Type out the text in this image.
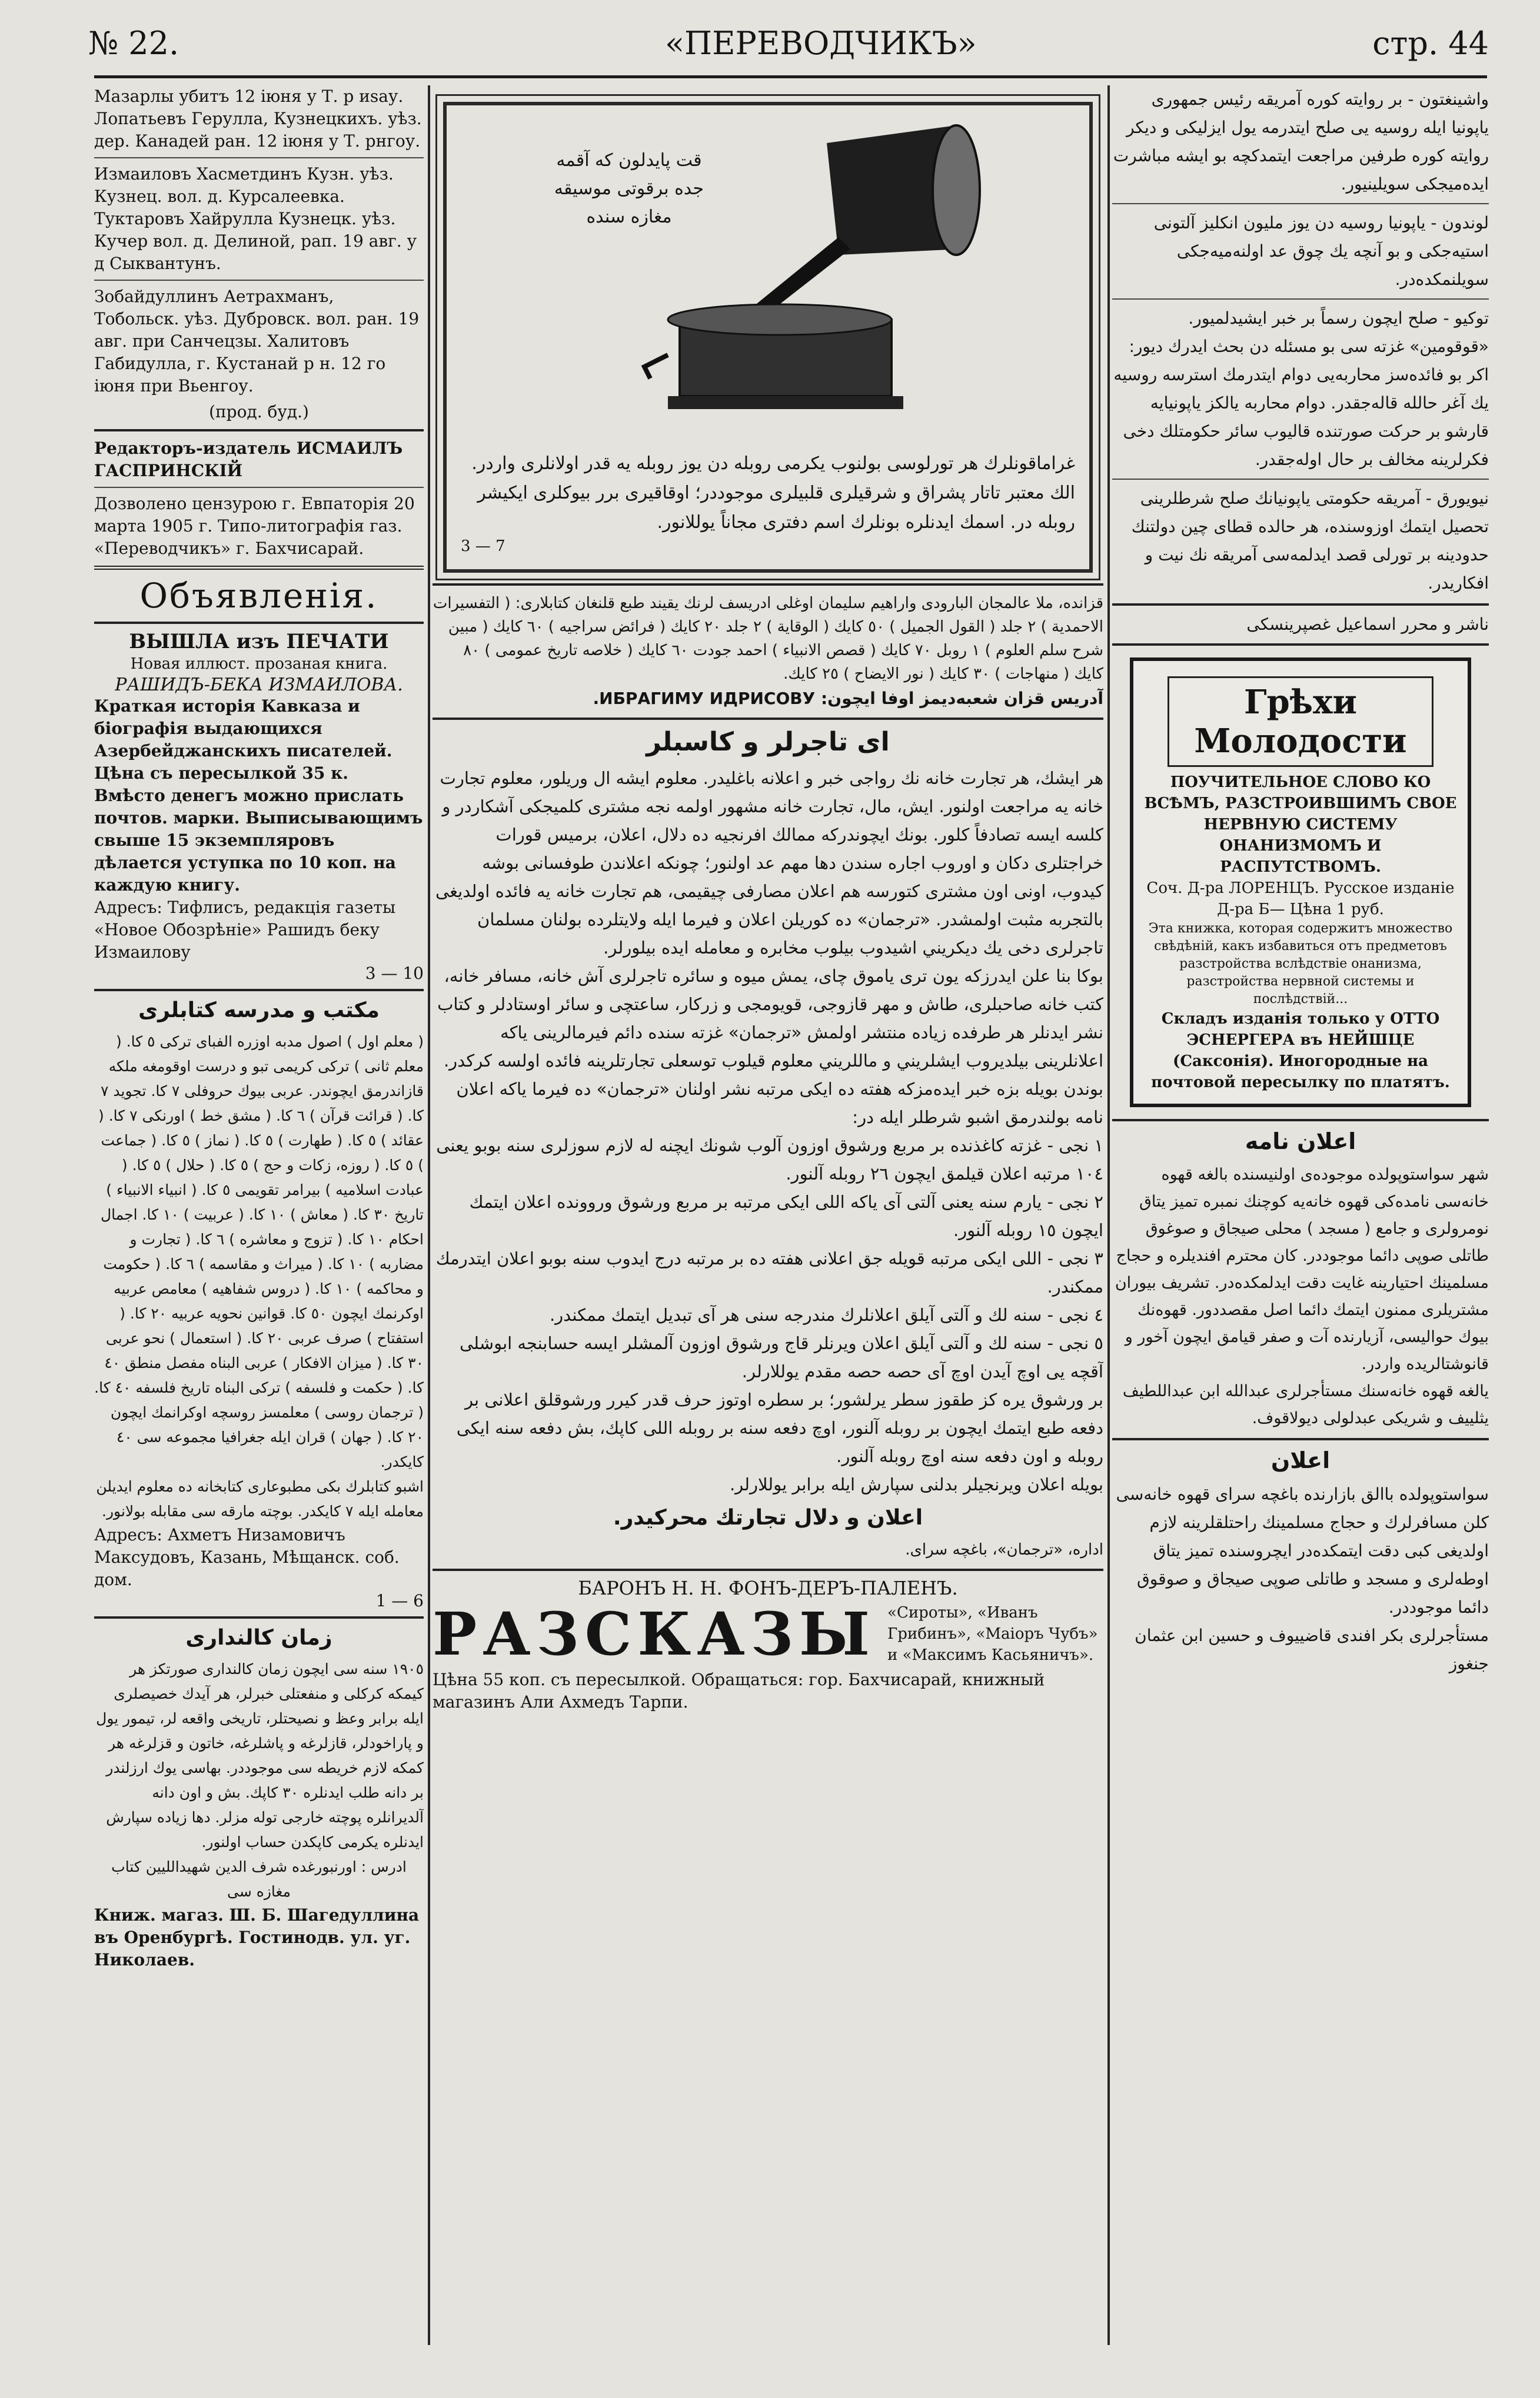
№ 22.	«ПЕРЕВОДЧИКЪ»	стр. 44

Мазарлы убитъ 12 іюня у Т. р иsау. Лопатьевъ Геруллa, Кузнецкихъ. уѣз. дер. Канадей ран. 12 іюня у Т. рнгоу.

Измаиловъ Хасметдинъ Кузн. уѣз. Кузнец. вол. д. Курсалеевка. Туктаровъ Хайрулла Кузнецк. уѣз. Кучер вол. д. Делиной, рап. 19 авг. у д Сыквантунъ.

Зобайдуллинъ Аетрахманъ, Тобольск. уѣз. Дубровск. вол. ран. 19 авг. при Санчецзы. Халитовъ Габидулла, г. Кустанай р н. 12 го іюня при Вьенгоу.

(прод. буд.)
Редакторъ-издатель ИСМАИЛЪ ГАСПРИНСКІЙ
Дозволено цензурою г. Евпаторія 20 марта 1905 г. Типо-литографія газ. «Переводчикъ» г. Бахчисарай.
Объявленія.
ВЫШЛА изъ ПЕЧАТИ
Новая иллюст. прозаная книга.
РАШИДЪ-БЕКА ИЗМАИЛОВА.
Краткая исторія Кавказа и біографія выдающихся Азербейджанскихъ писателей. Цѣна съ пересылкой 35 к. Вмѣсто денегъ можно прислать почтов. марки. Выписывающимъ свыше 15 экземпляровъ дѣлается уступка по 10 коп. на каждую книгу.
Адресъ: Тифлисъ, редакція газеты «Новое Обозрѣніе» Рашидъ беку Измаилову
3 — 10
مكتب و مدرسه كتابلرى
( معلم اول ) اصول مدبه اوزره الفباى تركى ٥ كا. ( معلم ثانى ) تركى كريمى تبو و درست اوقومغه ملكه قازاندرمق ايچوندر. عربى بيوك حروفلى ٧ كا. تجويد ٧ كا. ( قرائت قرآن ) ٦ كا. ( مشق خط ) اورنكى ٧ كا. ( عقائد ) ٥ كا. ( طهارت ) ٥ كا. ( نماز ) ٥ كا. ( جماعت ) ٥ كا. ( روزه، زكات و حج ) ٥ كا. ( حلال ) ٥ كا. ( عبادت اسلاميه ) بيرامر تقويمى ٥ كا. ( انبياء الانبياء ) تاريخ ٣٠ كا. ( معاش ) ١٠ كا. ( عربيت ) ١٠ كا. اجمال احكام ١٠ كا. ( تزوج و معاشره ) ٦ كا. ( تجارت و مضاربه ) ١٠ كا. ( ميراث و مقاسمه ) ٦ كا. ( حكومت و محاكمه ) ١٠ كا. ( دروس شفاهيه ) معامص عربيه اوكرنمك ايچون ٥٠ كا. قوانين نحويه عربيه ٢٠ كا. ( استفتاح ) صرف عربى ٢٠ كا. ( استعمال ) نحو عربى ٣٠ كا. ( ميزان الافكار ) عربى البناه مفصل منطق ٤٠ كا. ( حكمت و فلسفه ) تركى البناه تاريخ فلسفه ٤٠ كا. ( ترجمان روسى ) معلمسز روسچه اوكرانمك ايچون ٢٠ كا. ( جهان ) قران ايله جغرافيا مجموعه سى ٤٠ كايكدر.
اشبو كتابلرك بكى مطبوعارى كتابخانه ده معلوم ايديلن معامله ايله ٧ كايكدر. بوچته مارقه سى مقابله بولانور.
Адресъ: Ахметъ Низамовичъ Максудовъ, Казань, Мѣщанск. соб. дом.
1 — 6
زمان كالندارى
١٩٠٥ سنه سى ايچون زمان كالندارى صورتكز هر كيمكه كركلى و منفعتلى خبرلر، هر آيدك خصيصلرى ايله برابر وعظ و نصيحتلر، تاريخى واقعه لر، تيمور يول و پاراخودلر، قازلرغه و پاشلرغه، خاتون و قزلرغه هر كمكه لازم خريطه سى موجوددر. بهاسى يوك ارزلندر بر دانه طلب ايدنلره ٣٠ كاپك. بش و اون دانه آلديرانلره پوچته خارجى توله مزلر. دها زياده سپارش ايدنلره يكرمى كاپكدن حساب اولنور.
ادرس : اورنبورغده شرف الدين شهيدالليين كتاب مغازه سى
Книж. магаз. Ш. Б. Шагедуллина въ Оренбургѣ. Гостинодв. ул. уг. Николаев.
قت پايدلون كه آقمه جده برقوتى موسيقه مغازه سنده
غراماقونلرك هر تورلوسى بولنوب يكرمى روبله دن يوز روبله يه قدر اولانلرى واردر. الك معتبر تاتار پشراق و شرقيلرى قلبيلرى موجوددر؛ اوقاقيرى برر بيوكلرى ايكيشر روبله در. اسمك ايدنلره بونلرك اسم دفترى مجاناً يوللانور.
3 — 7
قزانده، ملا عالمجان البارودى واراهيم سليمان اوغلى ادريسف لرنك يقيند طبع قلنغان كتابلارى: ( التفسيرات الاحمدية ) ٢ جلد ( القول الجميل ) ٥٠ كايك ( الوقاية ) ٢ جلد ٢٠ كايك ( فرائض سراجيه ) ٦٠ كايك ( مبين شرح سلم العلوم ) ١ روبل ٧٠ كايك ( قصص الانبياء ) احمد جودت ٦٠ كايك ( خلاصه تاريخ عمومى ) ٨٠ كايك ( منهاجات ) ٣٠ كايك ( نور الايضاح ) ٢٥ كايك.
آدريس قزان شعبه‌ديمز اوفا ايچون: ИБРАГИМУ ИДРИСОВУ.
اى تاجرلر و كاسبلر
هر ايشك، هر تجارت خانه نك رواجى خبر و اعلانه باغليدر. معلوم ايشه ال وريلور، معلوم تجارت خانه يه مراجعت اولنور. ايش، مال، تجارت خانه مشهور اولمه نجه مشترى كلميجكى آشكاردر و كلسه ايسه تصادفاً كلور. بونك ايچوندركه ممالك افرنجيه ده دلال، اعلان، برميس قورات خراجتلرى دكان و اوروب اجاره سندن دها مهم عد اولنور؛ چونكه اعلاندن طوفسانى بوشه كيدوب، اونى اون مشترى كتورسه هم اعلان مصارفى چيقيمى، هم تجارت خانه يه فائده اولديغى بالتجربه مثبت اولمشدر. «ترجمان» ده كوريلن اعلان و فيرما ايله ولايتلرده بولنان مسلمان تاجرلرى دخى يك ديكريني اشيدوب بيلوب مخابره و معامله ايده بيلورلر.
بوكا بنا علن ايدرزكه يون ترى ياموق چاى، يمش ميوه و سائره تاجرلرى آش خانه، مسافر خانه، كتب خانه صاحبلرى، طاش و مهر قازوجى، قويومجى و زركار، ساعتچى و سائر اوستادلر و كتاب نشر ايدنلر هر طرفده زياده منتشر اولمش «ترجمان» غزته سنده دائم فيرمالرينى ياكه اعلانلرينى بيلديروب ايشلريني و ماللريني معلوم قيلوب توسعلى تجارتلرينه فائده اولسه كركدر.
بوندن بويله بزه خبر ايده‌مزكه هفته ده ايكى مرتبه نشر اولنان «ترجمان» ده فيرما ياكه اعلان نامه بولندرمق اشبو شرطلر ايله در:
١ نجى - غزته كاغذنده بر مربع ورشوق اوزون آلوب شونك ايچنه له لازم سوزلرى سنه بوبو يعنى ١٠٤ مرتبه اعلان قيلمق ايچون ٢٦ روبله آلنور.
٢ نجى - يارم سنه يعنى آلتى آى ياكه اللى ايكى مرتبه بر مربع ورشوق وروونده اعلان ايتمك ايچون ١٥ روبله آلنور.
٣ نجى - اللى ايكى مرتبه قويله جق اعلانى هفته ده بر مرتبه درج ايدوب سنه بوبو اعلان ايتدرمك ممكندر.
٤ نجى - سنه لك و آلتى آيلق اعلانلرك مندرجه سنى هر آى تبديل ايتمك ممكندر.
٥ نجى - سنه لك و آلتى آيلق اعلان ويرنلر قاج ورشوق اوزون آلمشلر ايسه حسابنجه ابوشلى آقچه يى اوچ آيدن اوچ آى حصه حصه مقدم يوللارلر.
بر ورشوق يره كز طقوز سطر يرلشور؛ بر سطره اوتوز حرف قدر كيرر ورشوقلق اعلانى بر دفعه طبع ايتمك ايچون بر روبله آلنور، اوچ دفعه سنه بر روبله اللى كاپك، بش دفعه سنه ايكى روبله و اون دفعه سنه اوچ روبله آلنور.
بويله اعلان ويرنجيلر بدلنى سپارش ايله برابر يوللارلر.
اعلان و دلال تجارتك محركيدر.
اداره، «ترجمان»، باغچه سراى.
БАРОНЪ Н. Н. ФОНЪ-ДЕРЪ-ПАЛЕНЪ.
РАЗСКАЗЫ «Сироты», «Иванъ Грибинъ», «Маіоръ Чубъ» и «Максимъ Касьяничъ».
Цѣна 55 коп. съ пересылкой. Обращаться: гор. Бахчисарай, книжный магазинъ Али Ахмедъ Тарпи.
واشينغتون - بر روايته كوره آمريقه رئيس جمهورى ياپونيا ايله روسيه يى صلح ايتدرمه يول ايزليكى و ديكر روايته كوره طرفين مراجعت ايتمدكچه بو ايشه مباشرت ايده‌ميجكى سويلينيور.
لوندون - ياپونيا روسيه دن يوز مليون انكليز آلتونى استيه‌جكى و بو آنچه يك چوق عد اولنه‌ميه‌جكى سويلنمكده‌در.
توكيو - صلح ايچون رسماً بر خبر ايشيدلميور. «قوقومين» غزته سى بو مسئله دن بحث ايدرك ديور: اكر بو فائده‌سز محاربه‌يى دوام ايتدرمك استرسه روسيه يك آغر حالله قاله‌جقدر. دوام محاربه يالكز ياپونيايه قارشو بر حركت صورتنده قاليوب سائر حكومتلك دخى فكرلرينه مخالف بر حال اوله‌جقدر.
نيويورق - آمريقه حكومتى ياپونيانك صلح شرطلرينى تحصيل ايتمك اوزوسنده، هر حالده قطاى چين دولتنك حدودينه بر تورلى قصد ايدلمه‌سى آمريقه نك نيت و افكاريدر.
ناشر و محرر اسماعيل غصپرينسكى
Грѣхи Молодости
ПОУЧИТЕЛЬНОЕ СЛОВО КО ВСѢМЪ, РАЗСТРОИВШИМЪ СВОЕ НЕРВНУЮ СИСТЕМУ ОНАНИЗМОМЪ И РАСПУТСТВОМЪ.
Соч. Д-ра ЛОРЕНЦЪ. Русское изданіе Д-ра Б— Цѣна 1 руб.
Эта книжка, которая содержитъ множество свѣдѣній, какъ избавиться отъ предметовъ разстройства вслѣдствіе онанизма, разстройства нервной системы и послѣдствій...
Складъ изданія только у ОТТО ЭСНЕРГЕРА въ НЕЙШЦЕ (Саксонія). Иногородные на почтовой пересылку по платятъ.
اعلان نامه
شهر سواستوپولده موجوده‌ى اولنيسنده بالغه قهوه خانه‌سى نامده‌كى قهوه خانه‌يه كوچنك نمبره تميز يتاق نومرولرى و جامع ( مسجد ) محلى صيجاق و صوغوق طاتلى صوپى دائما موجوددر. كان محترم افنديلره و حجاج مسلمينك احتيارينه غايت دقت ايدلمكده‌در. تشريف بيوران مشتريلرى ممنون ايتمك دائما اصل مقصد‌دور. قهوه‌نك بيوك حواليسى، آزيارنده آت و صفر قيامق ايچون آخور و قانوشتالريده واردر.
يالغه قهوه خانه‌سنك مستأجرلرى عبدالله ابن عبداللطيف يثلييف و شريكى عبدلولى ديولاقوف.
اعلان
سواستوپولده باالق بازارنده باغچه سراى قهوه خانه‌سى كلن مسافرلرك و حجاج مسلمينك راحتلقلرينه لازم اولديغى كبى دقت ايتمكده‌در ايچرو‌سنده تميز يتاق اوطه‌لرى و مسجد و طاتلى صوپى صيجاق و صوقوق دائما موجوددر.
مستأجرلرى بكر افندى قاضييوف و حسين ابن عثمان جنغوز
